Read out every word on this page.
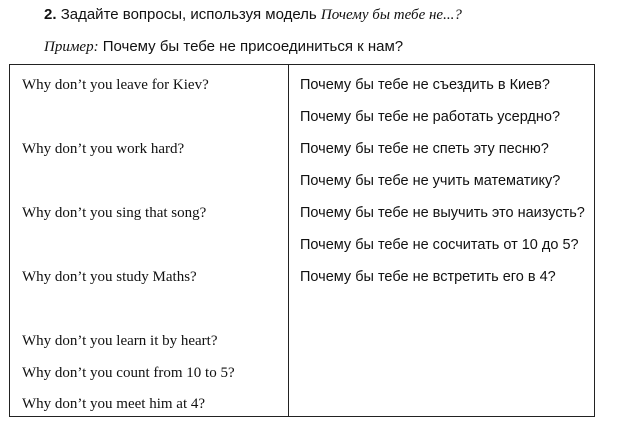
2. Задайте вопросы, используя модель Почему бы тебе не...?
Пример: Почему бы тебе не присоединиться к нам?
Why don’t you leave for Kiev?
Why don’t you work hard?
Why don’t you sing that song?
Why don’t you study Maths?
Why don’t you learn it by heart?
Why don’t you count from 10 to 5?
Why don’t you meet him at 4?
Почему бы тебе не съездить в Киев?
Почему бы тебе не работать усердно?
Почему бы тебе не спеть эту песню?
Почему бы тебе не учить математику?
Почему бы тебе не выучить это наизусть?
Почему бы тебе не сосчитать от 10 до 5?
Почему бы тебе не встретить его в 4?
